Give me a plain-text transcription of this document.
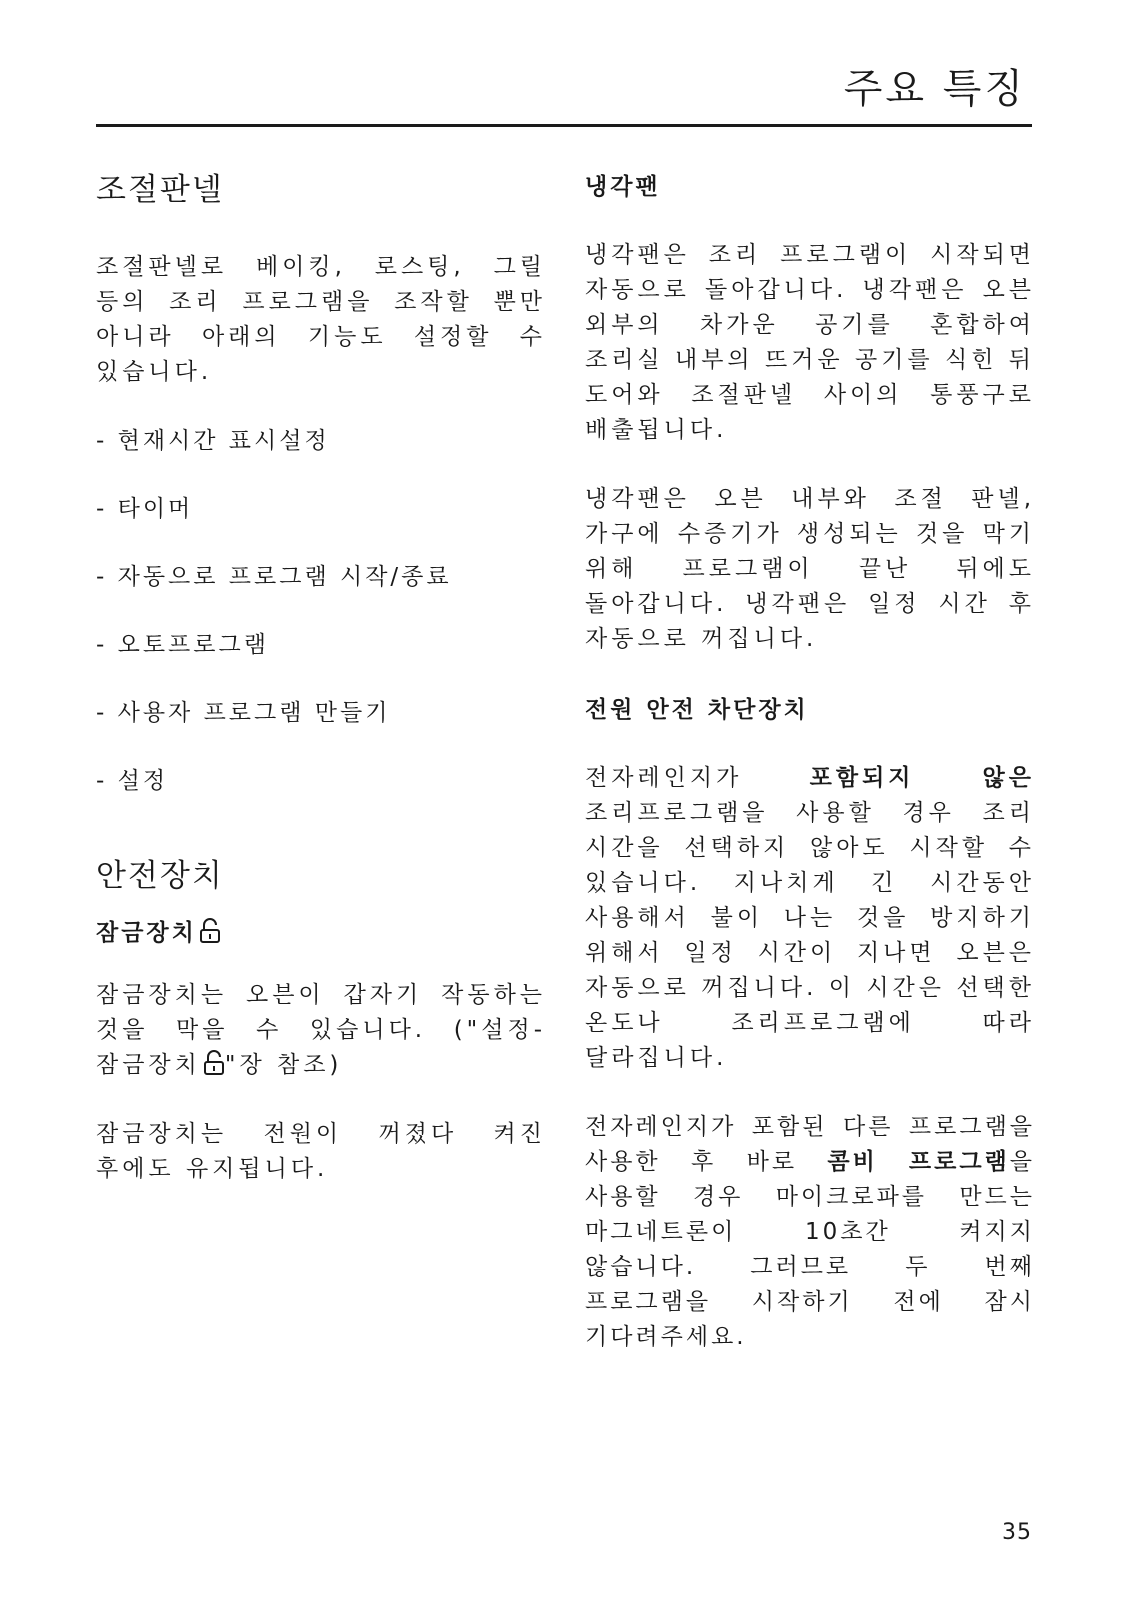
주요 특징
조절판넬

조절판넬로 베이킹, 로스팅, 그릴 등의 조리 프로그램을 조작할 뿐만 아니라 아래의 기능도 설정할 수 있습니다.

- 현재시간 표시설정
- 타이머
- 자동으로 프로그램 시작/종료
- 오토프로그램
- 사용자 프로그램 만들기
- 설정
안전장치
잠금장치

잠금장치는 오븐이 갑자기 작동하는 것을 막을 수 있습니다. ("설정-잠금장치 "장 참조)

잠금장치는 전원이 꺼졌다 켜진 후에도 유지됩니다.

냉각팬

냉각팬은 조리 프로그램이 시작되면 자동으로 돌아갑니다. 냉각팬은 오븐 외부의 차가운 공기를 혼합하여 조리실 내부의 뜨거운 공기를 식힌 뒤 도어와 조절판넬 사이의 통풍구로 배출됩니다.

냉각팬은 오븐 내부와 조절 판넬, 가구에 수증기가 생성되는 것을 막기 위해 프로그램이 끝난 뒤에도 돌아갑니다. 냉각팬은 일정 시간 후 자동으로 꺼집니다.

전원 안전 차단장치

전자레인지가 포함되지 않은 조리프로그램을 사용할 경우 조리 시간을 선택하지 않아도 시작할 수 있습니다. 지나치게 긴 시간동안 사용해서 불이 나는 것을 방지하기 위해서 일정 시간이 지나면 오븐은 자동으로 꺼집니다. 이 시간은 선택한 온도나 조리프로그램에 따라 달라집니다.

전자레인지가 포함된 다른 프로그램을 사용한 후 바로 콤비 프로그램을 사용할 경우 마이크로파를 만드는 마그네트론이 10초간 켜지지 않습니다. 그러므로 두 번째 프로그램을 시작하기 전에 잠시 기다려주세요.

35
